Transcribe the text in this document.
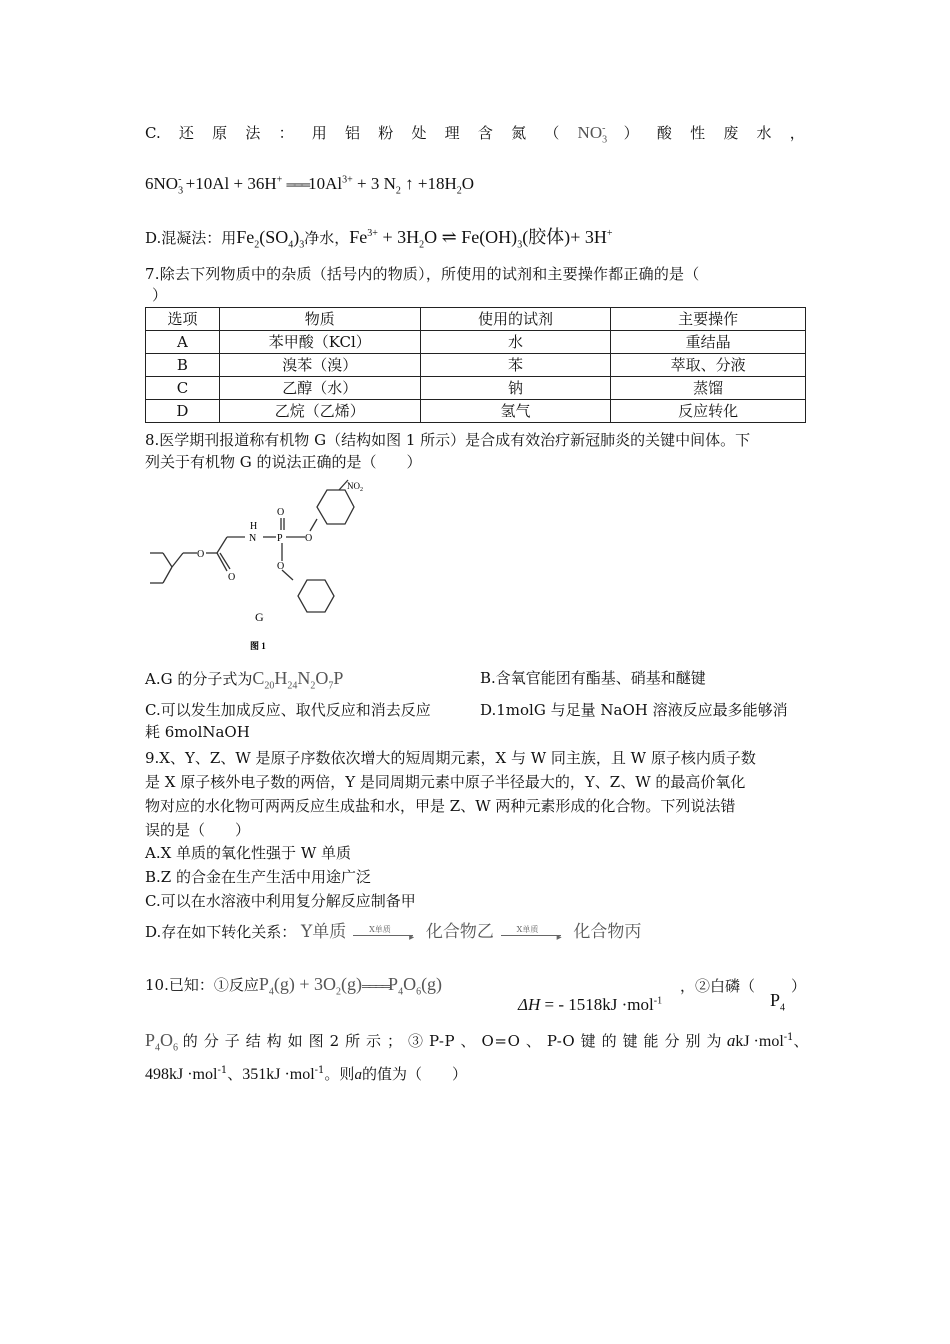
C. 还 原 法 ： 用 铝 粉 处 理 含 氮 （ $NO_3^-$ ） 酸 性 废 水 ，
$6NO_3^- +10Al + 36H^+$ $═══10Al^{3+} + 3$ $N_2$ ↑ $+18H_2O$
D.混凝法：用$Fe_2(SO_4)_3$净水，$Fe^{3+} + 3H_2O$ ⇌ $Fe(OH)_3$(胶体)+ 3H+
7.除去下列物质中的杂质（括号内的物质），所使用的试剂和主要操作都正确的是（
）
选项	物质	使用的试剂	主要操作
A	苯甲酸（KCl）	水	重结晶
B	溴苯（溴）	苯	萃取、分液
C	乙醇（水）	钠	蒸馏
D	乙烷（乙烯）	氢气	反应转化
8.医学期刊报道称有机物 G（结构如图 1 所示）是合成有效治疗新冠肺炎的关键中间体。下
列关于有机物 G 的说法正确的是（　　）
$NO_2$
O
O
H
N P
O
O
O
G
图 1
A.G 的分子式为$C_{20}H_{24}N_2O_7P$	B.含氧官能团有酯基、硝基和醚键
C.可以发生加成反应、取代反应和消去反应	D.1molG 与足量 NaOH 溶液反应最多能够消
耗 6molNaOH
9.X、Y、Z、W 是原子序数依次增大的短周期元素，X 与 W 同主族，且 W 原子核内质子数
是 X 原子核外电子数的两倍，Y 是同周期元素中原子半径最大的，Y、Z、W 的最高价氧化
物对应的水化物可两两反应生成盐和水，甲是 Z、W 两种元素形成的化合物。下列说法错
误的是（　　）
A.X 单质的氧化性强于 W 单质
B.Z 的合金在生产生活中用途广泛
C.可以在水溶液中利用复分解反应制备甲
D.存在如下转化关系： Y单质	X单质
▸ 化合物乙	X单质
▸ 化合物丙
10.已知：①反应$P_4(g)$ + $3O_2(g)════P_4O_6(g)$
ΔH = - 1518kJ ·mol$^{-1}$
，②白磷（ ）
$P_4$
$P_4O_6$ 的 分 子 结 构 如 图 2 所 示 ； ③ P-P 、 O=O 、 P-O 键 的 键 能 分 别 为 akJ ·mol$^{-1}$、
498kJ ·mol$^{-1}$、351kJ ·mol$^{-1}$。则a的值为（　　）
